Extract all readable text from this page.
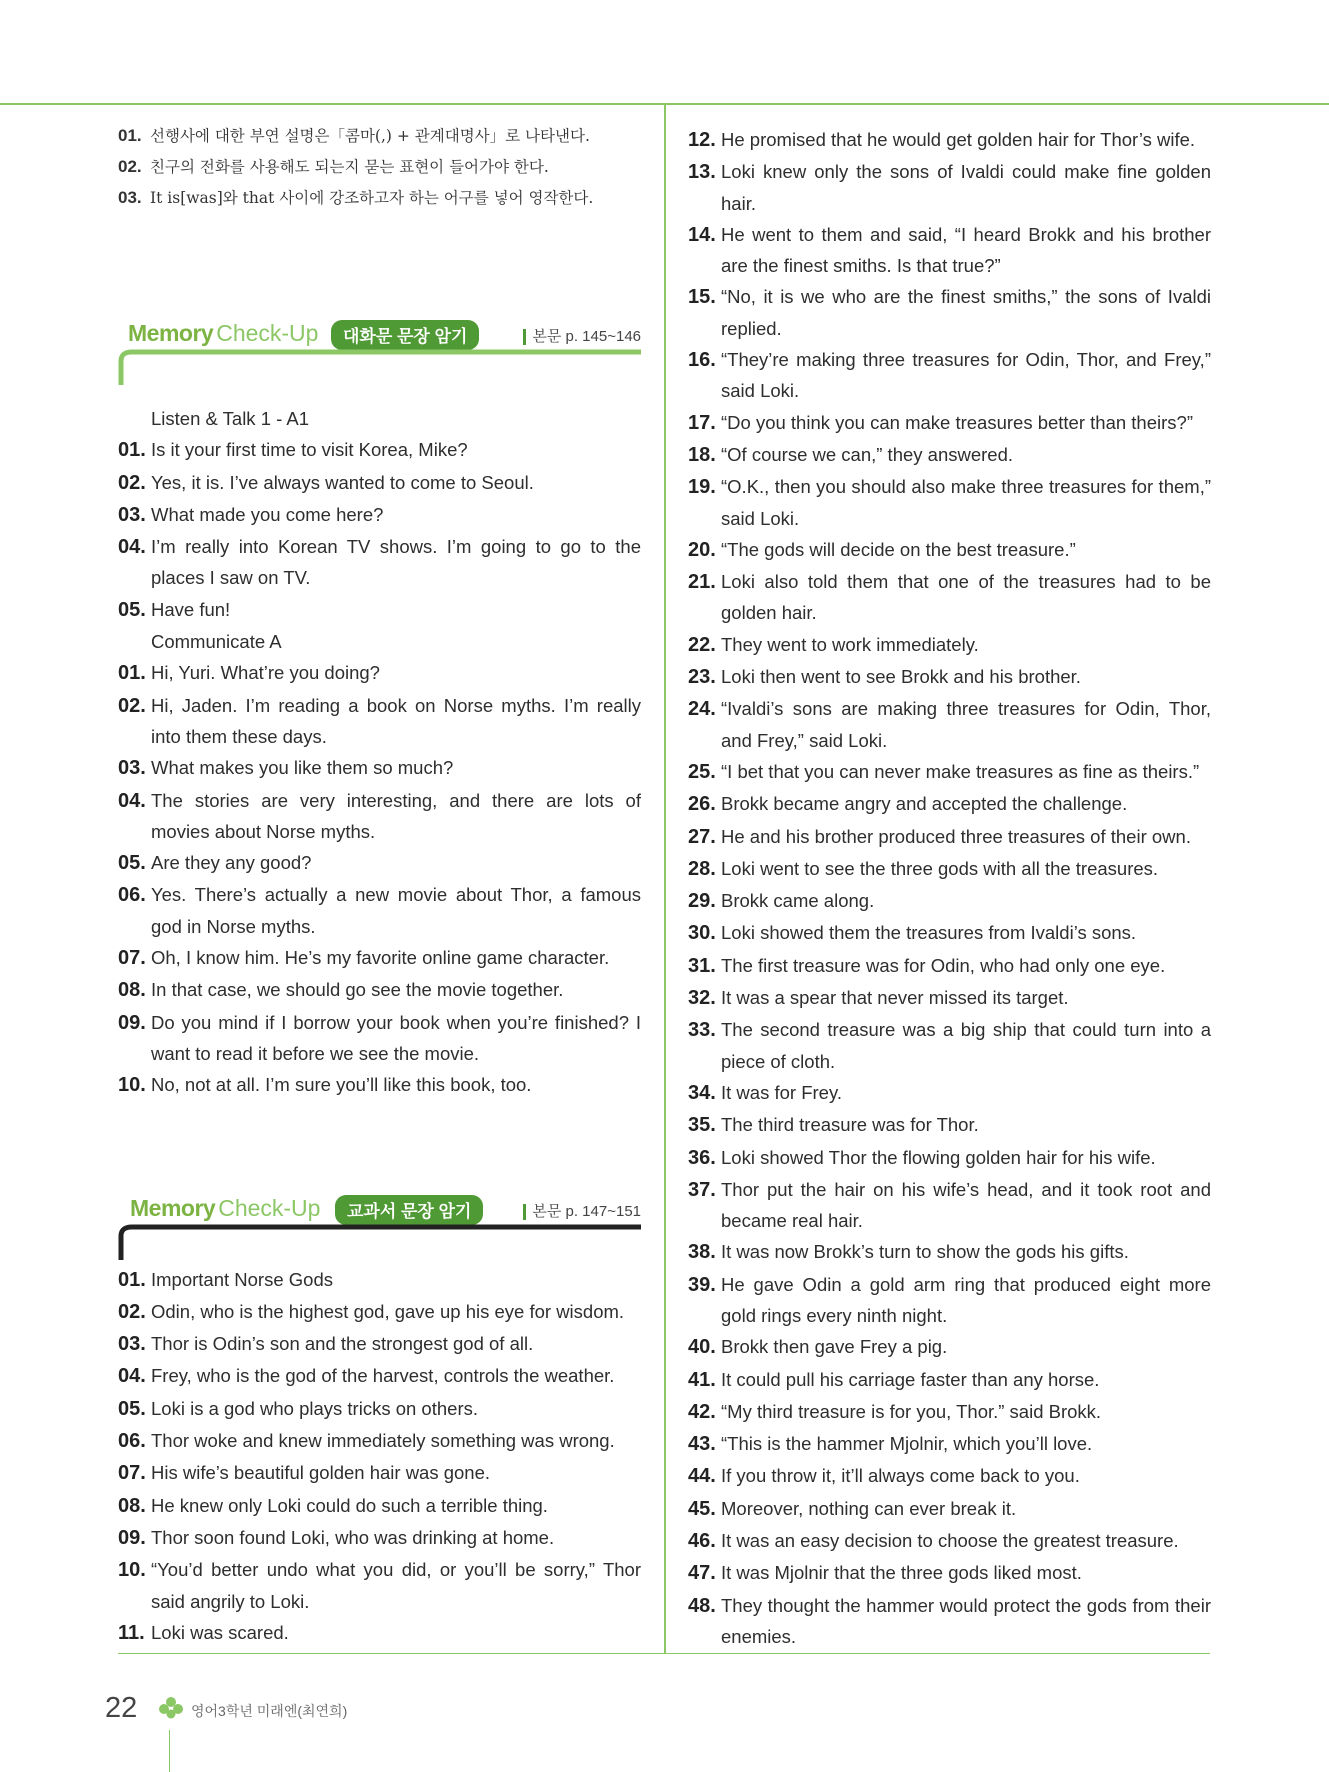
01. 선행사에 대한 부연 설명은「콤마(,) + 관계대명사」로 나타낸다.
02. 친구의 전화를 사용해도 되는지 묻는 표현이 들어가야 한다.
03. It is[was]와 that 사이에 강조하고자 하는 어구를 넣어 영작한다.
Memory Check-Up	대화문 문장 암기	본문 p. 145~146
Listen & Talk 1 - A1
01. Is it your first time to visit Korea, Mike?
02. Yes, it is. I’ve always wanted to come to Seoul.
03. What made you come here?
04. I’m really into Korean TV shows. I’m going to go to the places I saw on TV.
05. Have fun!
Communicate A
01. Hi, Yuri. What’re you doing?
02. Hi, Jaden. I’m reading a book on Norse myths. I’m really into them these days.
03. What makes you like them so much?
04. The stories are very interesting, and there are lots of movies about Norse myths.
05. Are they any good?
06. Yes. There’s actually a new movie about Thor, a famous god in Norse myths.
07. Oh, I know him. He’s my favorite online game character.
08. In that case, we should go see the movie together.
09. Do you mind if I borrow your book when you’re finished? I want to read it before we see the movie.
10. No, not at all. I’m sure you’ll like this book, too.
Memory Check-Up	교과서 문장 암기	본문 p. 147~151
01. Important Norse Gods
02. Odin, who is the highest god, gave up his eye for wisdom.
03. Thor is Odin’s son and the strongest god of all.
04. Frey, who is the god of the harvest, controls the weather.
05. Loki is a god who plays tricks on others.
06. Thor woke and knew immediately something was wrong.
07. His wife’s beautiful golden hair was gone.
08. He knew only Loki could do such a terrible thing.
09. Thor soon found Loki, who was drinking at home.
10. “You’d better undo what you did, or you’ll be sorry,” Thor said angrily to Loki.
11. Loki was scared.
12. He promised that he would get golden hair for Thor’s wife.
13. Loki knew only the sons of Ivaldi could make fine golden hair.
14. He went to them and said, “I heard Brokk and his brother are the finest smiths. Is that true?”
15. “No, it is we who are the finest smiths,” the sons of Ivaldi replied.
16. “They’re making three treasures for Odin, Thor, and Frey,” said Loki.
17. “Do you think you can make treasures better than theirs?”
18. “Of course we can,” they answered.
19. “O.K., then you should also make three treasures for them,” said Loki.
20. “The gods will decide on the best treasure.”
21. Loki also told them that one of the treasures had to be golden hair.
22. They went to work immediately.
23. Loki then went to see Brokk and his brother.
24. “Ivaldi’s sons are making three treasures for Odin, Thor, and Frey,” said Loki.
25. “I bet that you can never make treasures as fine as theirs.”
26. Brokk became angry and accepted the challenge.
27. He and his brother produced three treasures of their own.
28. Loki went to see the three gods with all the treasures.
29. Brokk came along.
30. Loki showed them the treasures from Ivaldi’s sons.
31. The first treasure was for Odin, who had only one eye.
32. It was a spear that never missed its target.
33. The second treasure was a big ship that could turn into a piece of cloth.
34. It was for Frey.
35. The third treasure was for Thor.
36. Loki showed Thor the flowing golden hair for his wife.
37. Thor put the hair on his wife’s head, and it took root and became real hair.
38. It was now Brokk’s turn to show the gods his gifts.
39. He gave Odin a gold arm ring that produced eight more gold rings every ninth night.
40. Brokk then gave Frey a pig.
41. It could pull his carriage faster than any horse.
42. “My third treasure is for you, Thor.” said Brokk.
43. “This is the hammer Mjolnir, which you’ll love.
44. If you throw it, it’ll always come back to you.
45. Moreover, nothing can ever break it.
46. It was an easy decision to choose the greatest treasure.
47. It was Mjolnir that the three gods liked most.
48. They thought the hammer would protect the gods from their enemies.
22	영어3학년 미래엔(최연희)
